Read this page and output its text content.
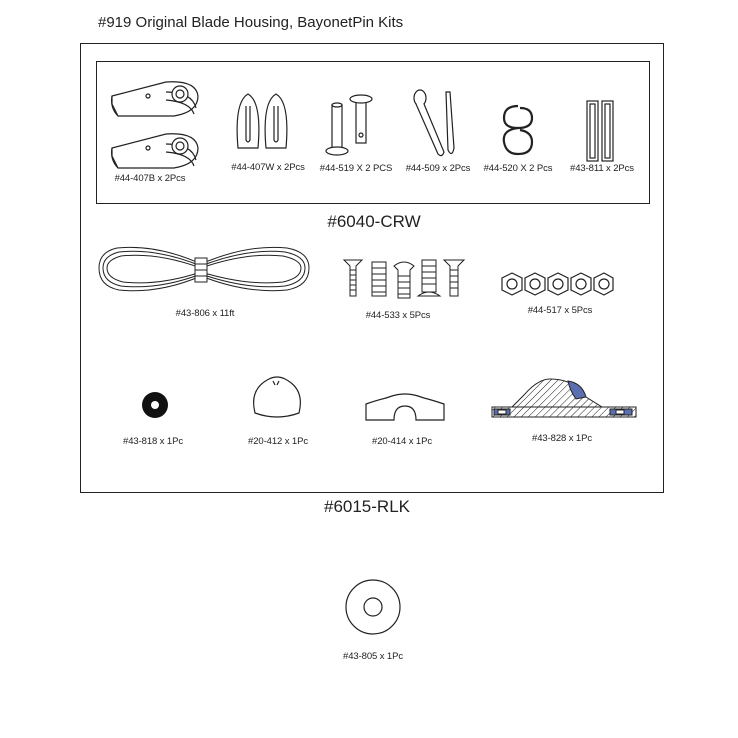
#919 Original Blade Housing, BayonetPin Kits
#6040-CRW
#6015-RLK
#44-407B x 2Pcs
#44-407W x 2Pcs #44-519 X 2 PCS #44-509 x 2Pcs #44-520 X 2 Pcs #43-811 x 2Pcs
#43-806 x 11ft	#44-533 x 5Pcs	#44-517 x 5Pcs
#43-818 x 1Pc	#20-412 x 1Pc	#20-414 x 1Pc	#43-828 x 1Pc
#43-805 x 1Pc
